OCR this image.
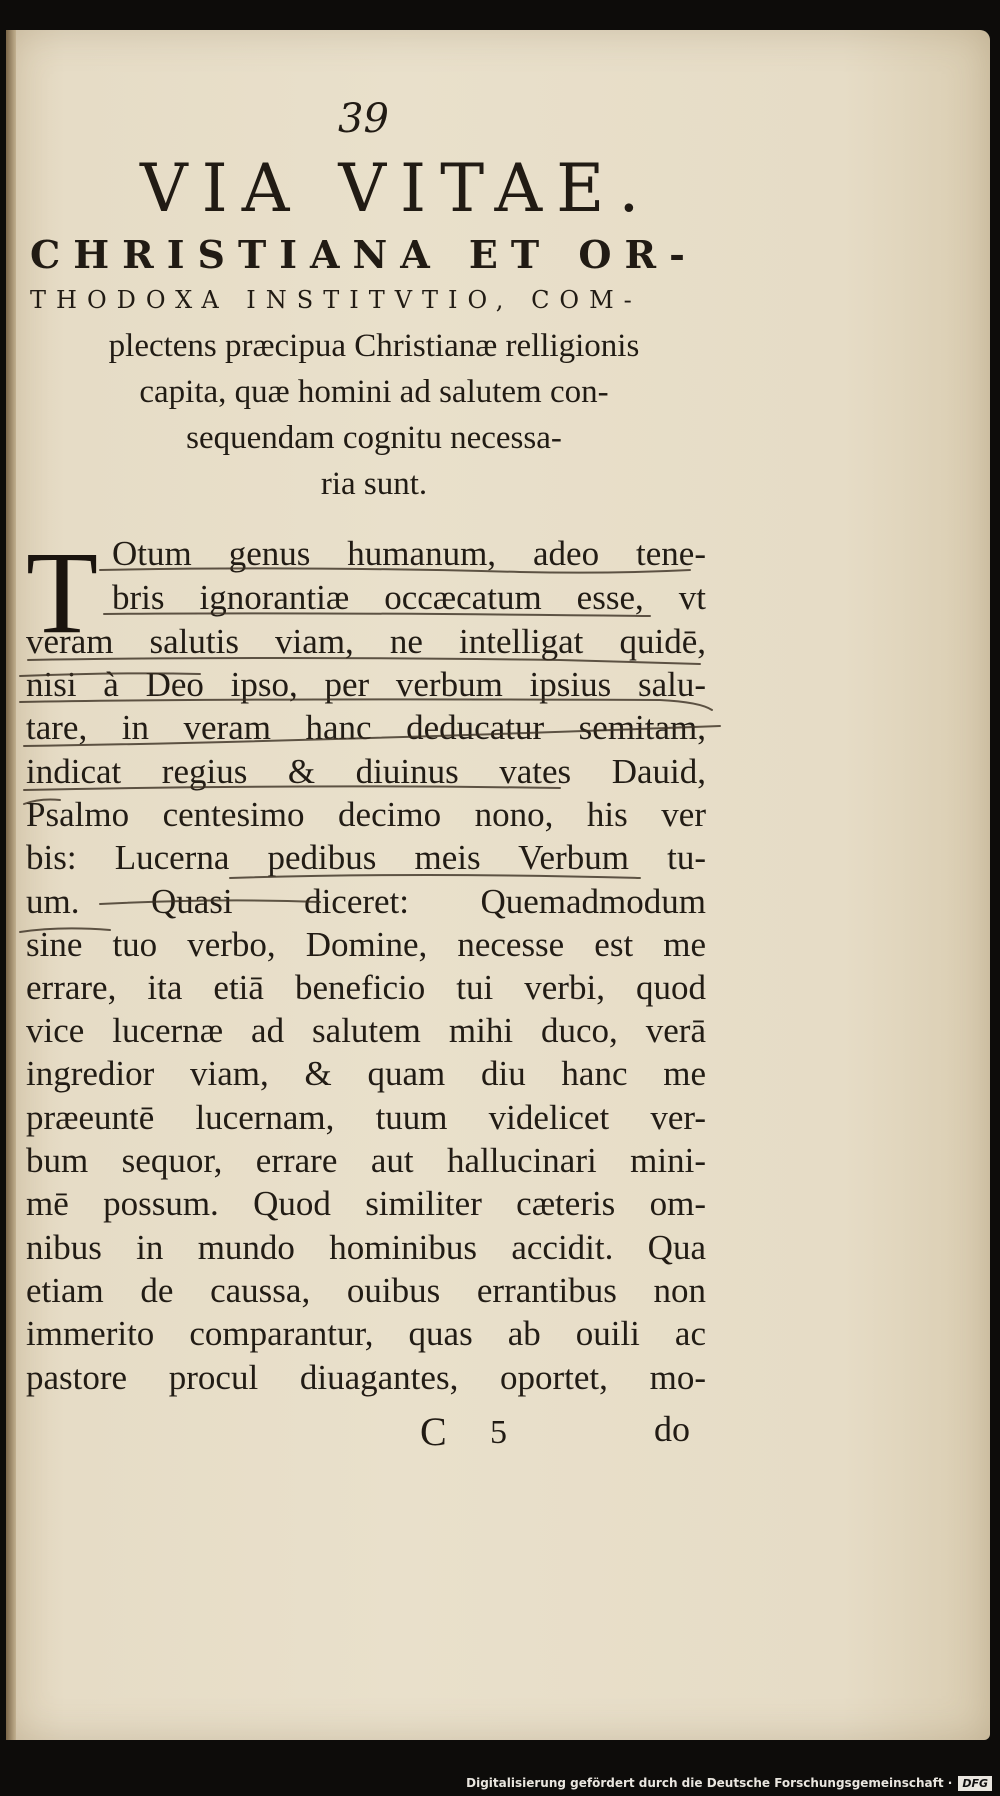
39
VIA VITAE.
CHRISTIANA ET OR-
THODOXA INSTITVTIO, COM-
plectens præcipua Christianæ relligionis
capita, quæ homini ad salutem con-
sequendam cognitu necessa-
ria sunt.
T Otum genus humanum, adeo tene-
bris ignorantiæ occæcatum esse, vt
veram salutis viam, ne intelligat quidē,
nisi à Deo ipso, per verbum ipsius salu-
tare, in veram hanc deducatur semitam,
indicat regius & diuinus vates Dauid,
Psalmo centesimo decimo nono, his ver
bis: Lucerna pedibus meis Verbum tu-
um. Quasi diceret: Quemadmodum
sine tuo verbo, Domine, necesse est me
errare, ita etiā beneficio tui verbi, quod
vice lucernæ ad salutem mihi duco, verā
ingredior viam, & quam diu hanc me
præeuntē lucernam, tuum videlicet ver-
bum sequor, errare aut hallucinari mini-
mē possum. Quod similiter cæteris om-
nibus in mundo hominibus accidit. Qua
etiam de caussa, ouibus errantibus non
immerito comparantur, quas ab ouili ac
pastore procul diuagantes, oportet, mo-
C 5	do
Digitalisierung gefördert durch die Deutsche Forschungsgemeinschaft · DFG
